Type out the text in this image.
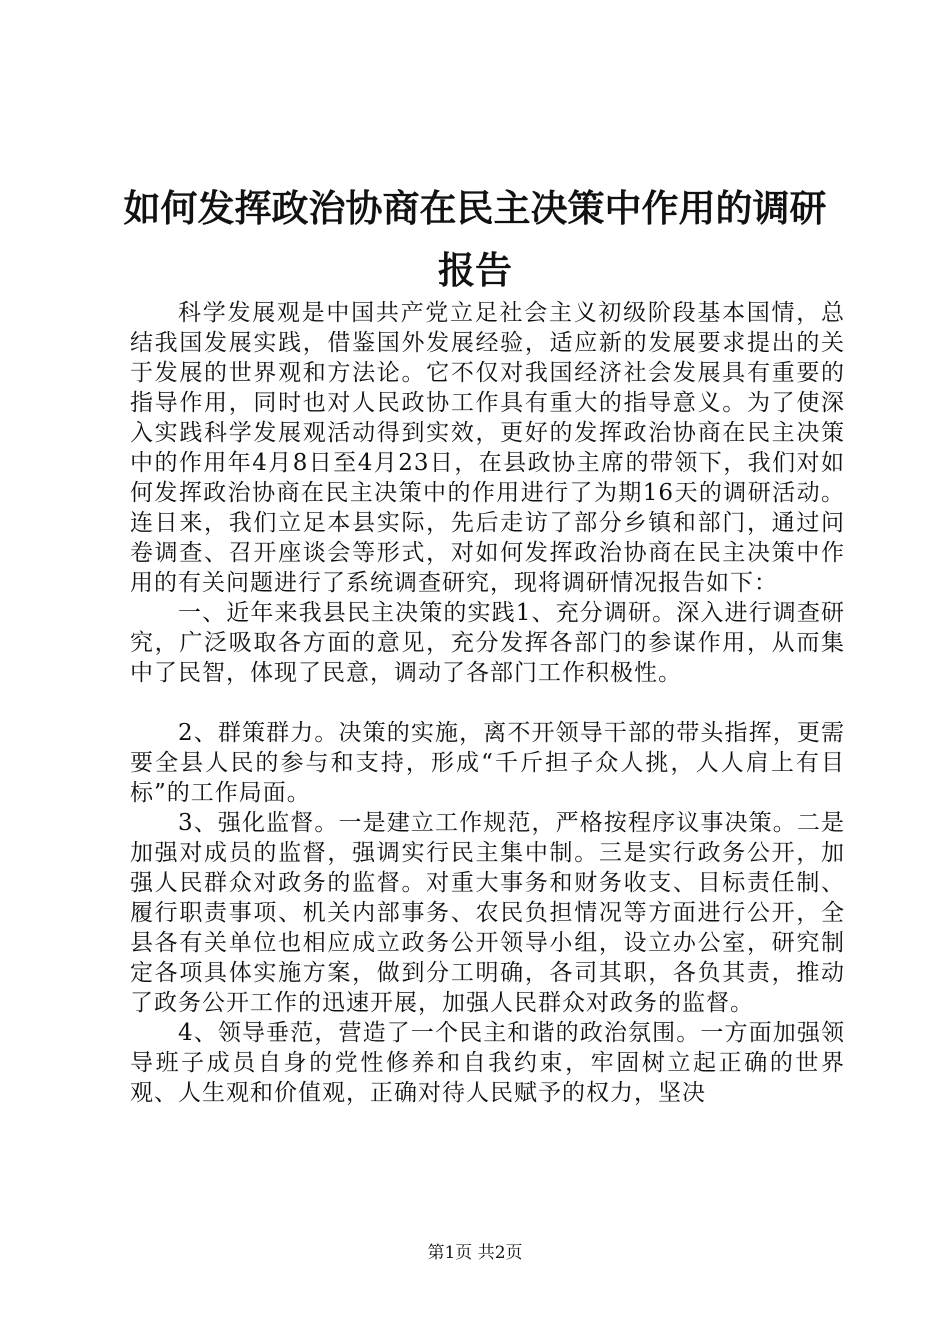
如何发挥政治协商在民主决策中作用的调研报告

科学发展观是中国共产党立足社会主义初级阶段基本国情，总结我国发展实践，借鉴国外发展经验，适应新的发展要求提出的关于发展的世界观和方法论。它不仅对我国经济社会发展具有重要的指导作用，同时也对人民政协工作具有重大的指导意义。为了使深入实践科学发展观活动得到实效，更好的发挥政治协商在民主决策中的作用年4月8日至4月23日，在县政协主席的带领下，我们对如何发挥政治协商在民主决策中的作用进行了为期16天的调研活动。连日来，我们立足本县实际，先后走访了部分乡镇和部门，通过问卷调查、召开座谈会等形式，对如何发挥政治协商在民主决策中作用的有关问题进行了系统调查研究，现将调研情况报告如下：

一、近年来我县民主决策的实践1、充分调研。深入进行调查研究，广泛吸取各方面的意见，充分发挥各部门的参谋作用，从而集中了民智，体现了民意，调动了各部门工作积极性。

2、群策群力。决策的实施，离不开领导干部的带头指挥，更需要全县人民的参与和支持，形成“千斤担子众人挑，人人肩上有目标”的工作局面。

3、强化监督。一是建立工作规范，严格按程序议事决策。二是加强对成员的监督，强调实行民主集中制。三是实行政务公开，加强人民群众对政务的监督。对重大事务和财务收支、目标责任制、履行职责事项、机关内部事务、农民负担情况等方面进行公开，全县各有关单位也相应成立政务公开领导小组，设立办公室，研究制定各项具体实施方案，做到分工明确，各司其职，各负其责，推动了政务公开工作的迅速开展，加强人民群众对政务的监督。

4、领导垂范，营造了一个民主和谐的政治氛围。一方面加强领导班子成员自身的党性修养和自我约束，牢固树立起正确的世界观、人生观和价值观，正确对待人民赋予的权力，坚决

第1页 共2页
